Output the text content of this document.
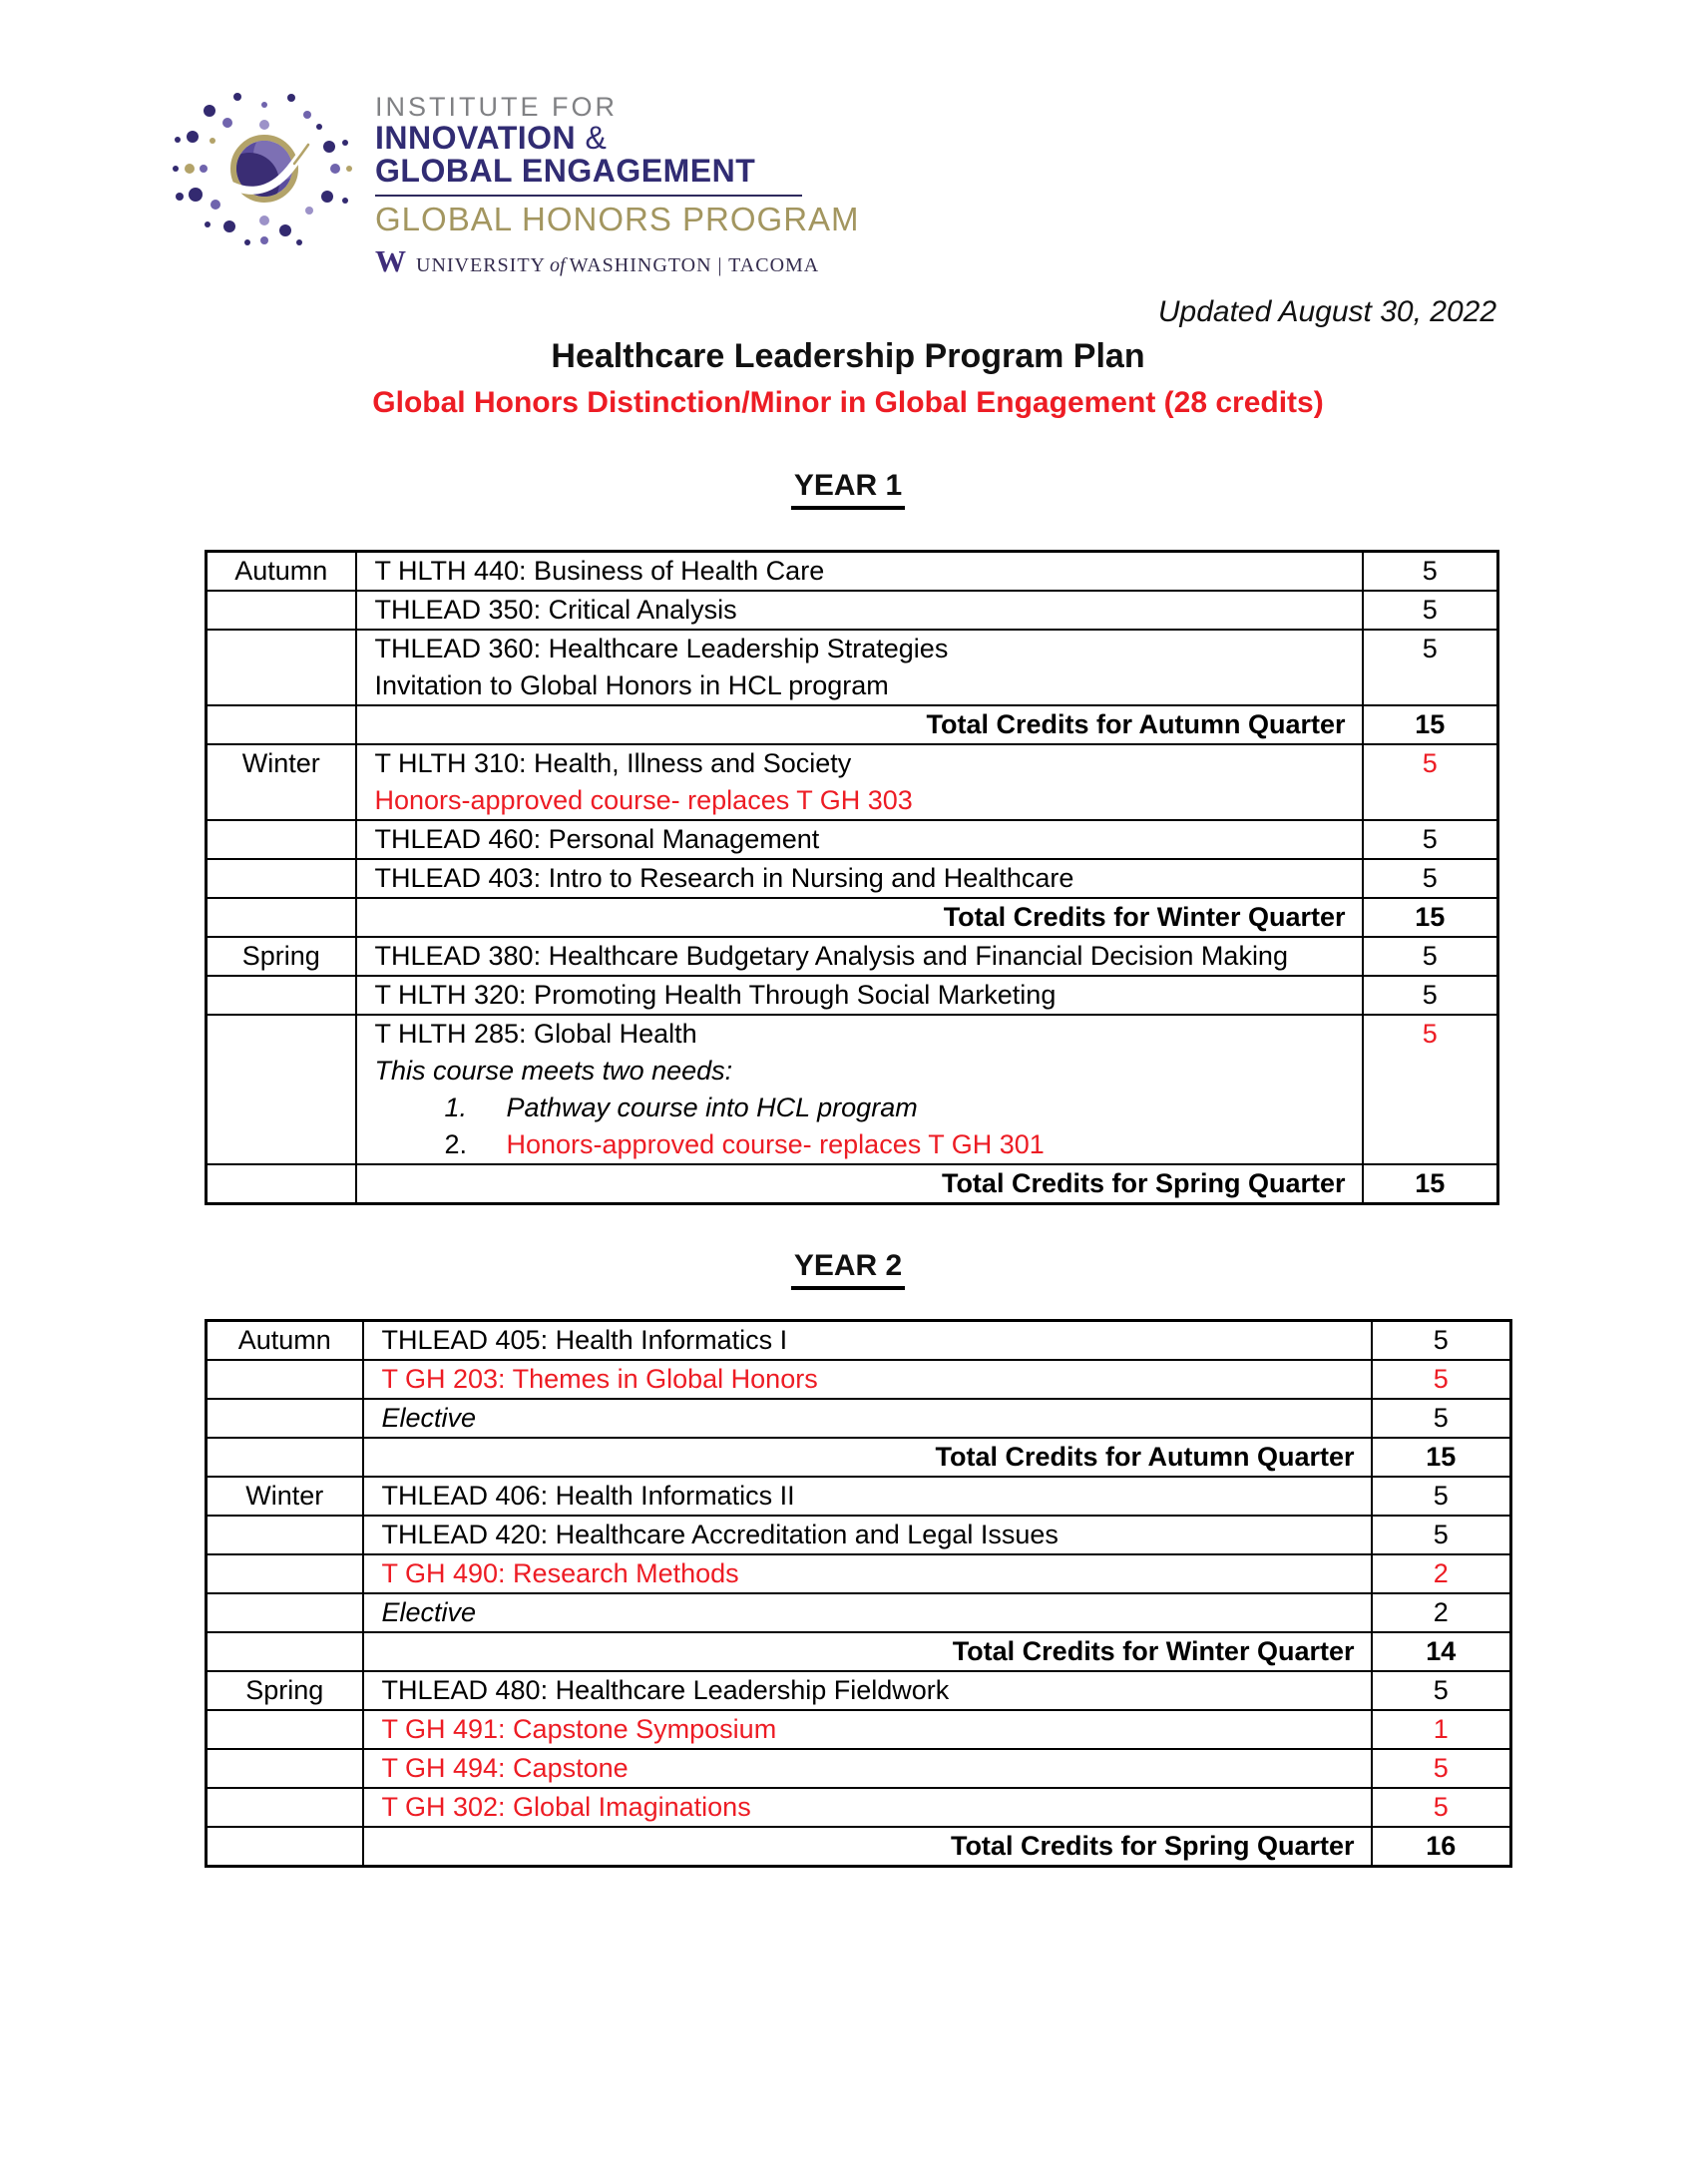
INSTITUTE FOR
INNOVATION &
GLOBAL ENGAGEMENT
GLOBAL HONORS PROGRAM
W UNIVERSITY of WASHINGTON | TACOMA
Updated August 30, 2022
Healthcare Leadership Program Plan
Global Honors Distinction/Minor in Global Engagement (28 credits)
YEAR 1
Autumn	T HLTH 440: Business of Health Care	5

	THLEAD 350: Critical Analysis	5

	THLEAD 360: Healthcare Leadership Strategies
Invitation to Global Honors in HCL program	5

	Total Credits for Autumn Quarter	15
Winter	T HLTH 310: Health, Illness and Society
Honors-approved course- replaces T GH 303	5

	THLEAD 460: Personal Management	5

	THLEAD 403: Intro to Research in Nursing and Healthcare	5

	Total Credits for Winter Quarter	15
Spring	THLEAD 380: Healthcare Budgetary Analysis and Financial Decision Making	5

	T HLTH 320: Promoting Health Through Social Marketing	5

	T HLTH 285: Global Health
This course meets two needs:
1. Pathway course into HCL program
2. Honors-approved course- replaces T GH 301	5

	Total Credits for Spring Quarter	15
YEAR 2
Autumn	THLEAD 405: Health Informatics I	5

	T GH 203: Themes in Global Honors	5

	Elective	5

	Total Credits for Autumn Quarter	15
Winter	THLEAD 406: Health Informatics II	5

	THLEAD 420: Healthcare Accreditation and Legal Issues	5

	T GH 490: Research Methods	2

	Elective	2

	Total Credits for Winter Quarter	14
Spring	THLEAD 480: Healthcare Leadership Fieldwork	5

	T GH 491: Capstone Symposium	1

	T GH 494: Capstone	5

	T GH 302: Global Imaginations	5

	Total Credits for Spring Quarter	16
